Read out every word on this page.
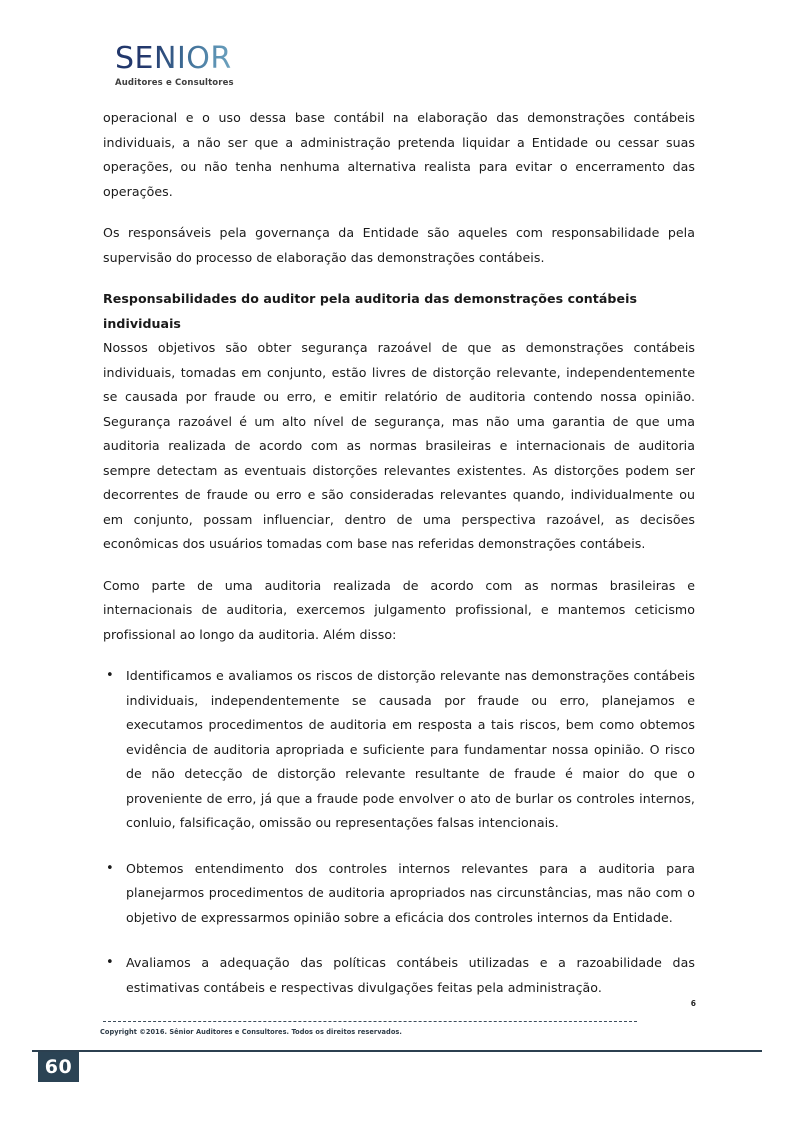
SÊNIOR
Auditores e Consultores

operacional e o uso dessa base contábil na elaboração das demonstrações contábeis individuais, a não ser que a administração pretenda liquidar a Entidade ou cessar suas operações, ou não tenha nenhuma alternativa realista para evitar o encerramento das operações.

Os responsáveis pela governança da Entidade são aqueles com responsabilidade pela supervisão do processo de elaboração das demonstrações contábeis.

Responsabilidades do auditor pela auditoria das demonstrações contábeis
individuais

Nossos objetivos são obter segurança razoável de que as demonstrações contábeis individuais, tomadas em conjunto, estão livres de distorção relevante, independentemente se causada por fraude ou erro, e emitir relatório de auditoria contendo nossa opinião. Segurança razoável é um alto nível de segurança, mas não uma garantia de que uma auditoria realizada de acordo com as normas brasileiras e internacionais de auditoria sempre detectam as eventuais distorções relevantes existentes. As distorções podem ser decorrentes de fraude ou erro e são consideradas relevantes quando, individualmente ou em conjunto, possam influenciar, dentro de uma perspectiva razoável, as decisões econômicas dos usuários tomadas com base nas referidas demonstrações contábeis.

Como parte de uma auditoria realizada de acordo com as normas brasileiras e internacionais de auditoria, exercemos julgamento profissional, e mantemos ceticismo profissional ao longo da auditoria. Além disso:

• Identificamos e avaliamos os riscos de distorção relevante nas demonstrações contábeis individuais, independentemente se causada por fraude ou erro, planejamos e executamos procedimentos de auditoria em resposta a tais riscos, bem como obtemos evidência de auditoria apropriada e suficiente para fundamentar nossa opinião. O risco de não detecção de distorção relevante resultante de fraude é maior do que o proveniente de erro, já que a fraude pode envolver o ato de burlar os controles internos, conluio, falsificação, omissão ou representações falsas intencionais.
• Obtemos entendimento dos controles internos relevantes para a auditoria para planejarmos procedimentos de auditoria apropriados nas circunstâncias, mas não com o objetivo de expressarmos opinião sobre a eficácia dos controles internos da Entidade.
• Avaliamos a adequação das políticas contábeis utilizadas e a razoabilidade das estimativas contábeis e respectivas divulgações feitas pela administração.
6
Copyright ©2016. Sênior Auditores e Consultores. Todos os direitos reservados.
60
